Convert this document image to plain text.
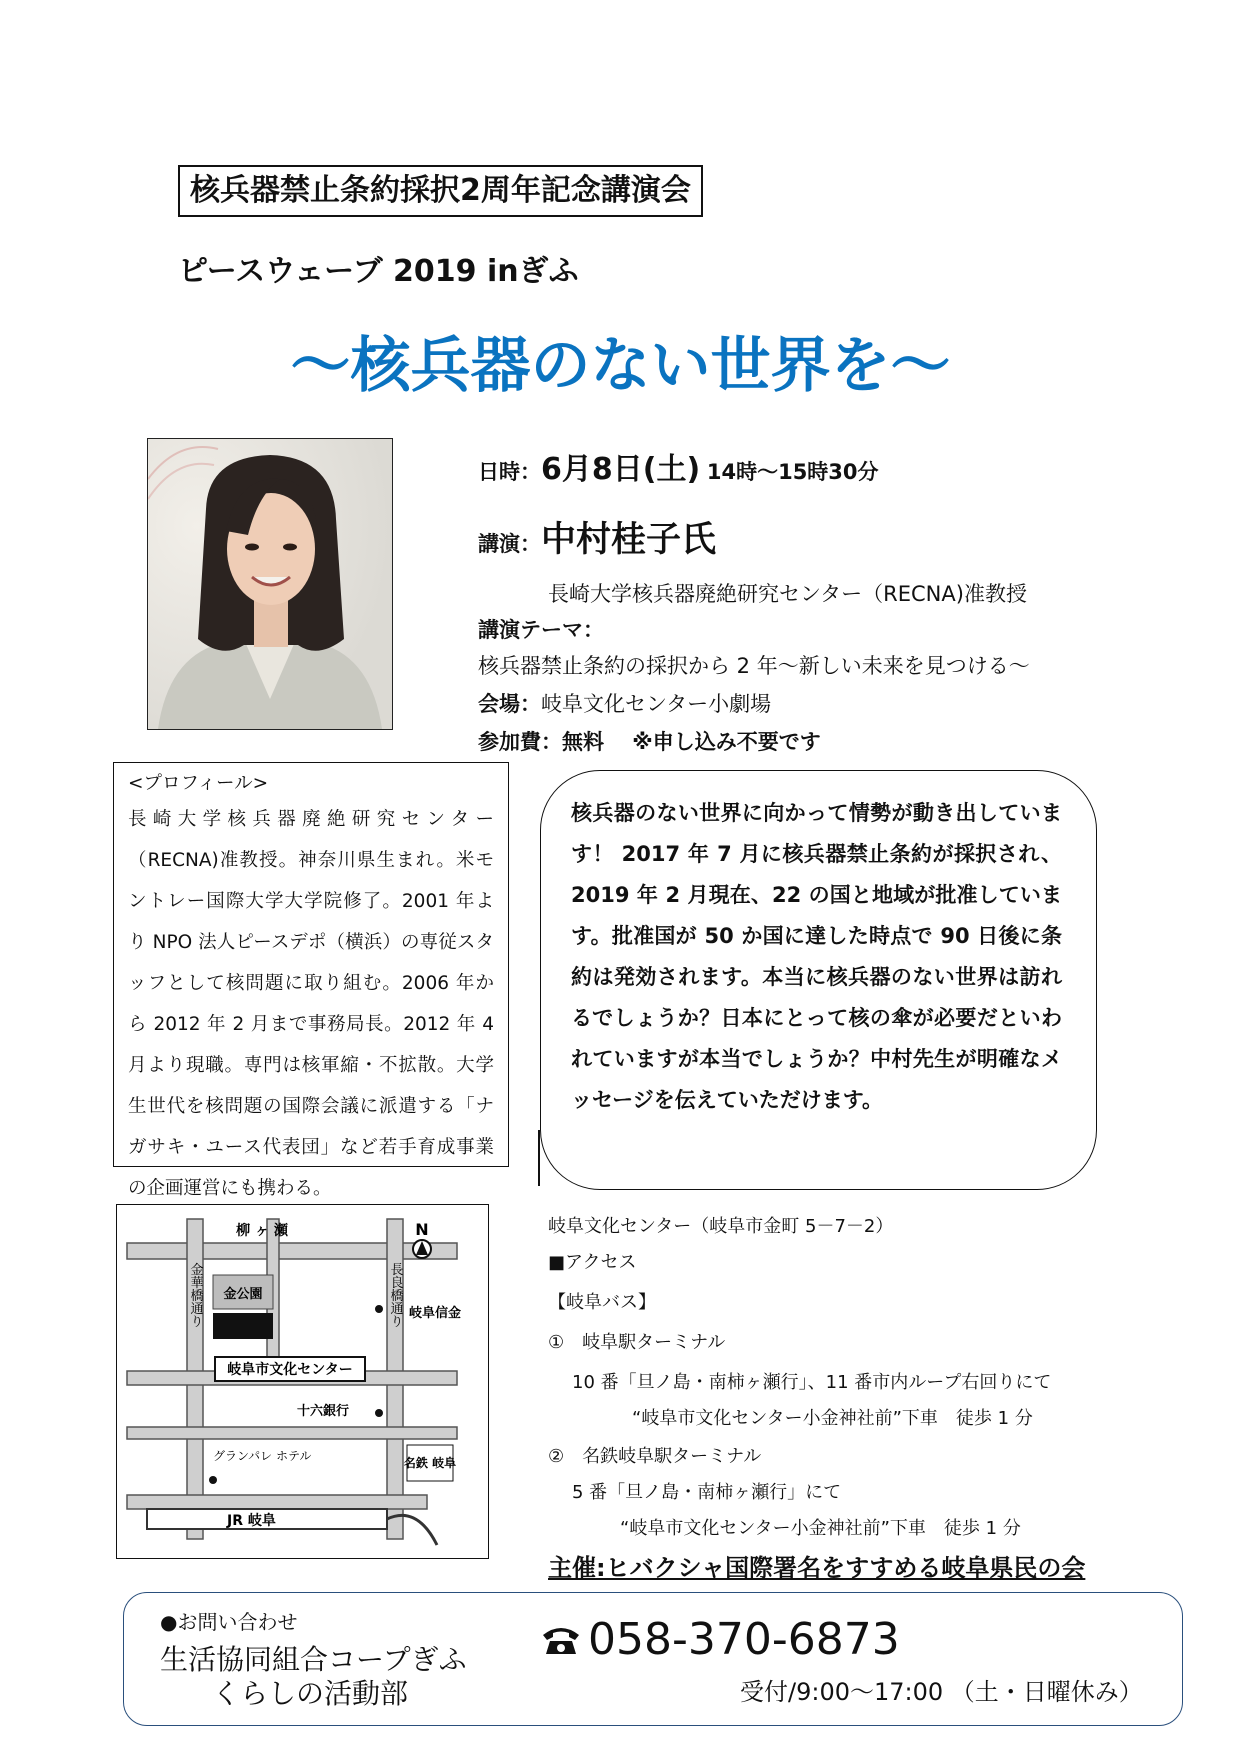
核兵器禁止条約採択2周年記念講演会
ピースウェーブ 2019 inぎふ
～核兵器のない世界を～
日時：6月8日(土) 14時～15時30分
講演：中村桂子氏
長崎大学核兵器廃絶研究センター（RECNA)准教授
講演テーマ：
核兵器禁止条約の採択から 2 年～新しい未来を見つける～
会場：岐阜文化センター小劇場
参加費：無料　 ※申し込み不要です
<プロフィール>
長崎大学核兵器廃絶研究センター（RECNA)准教授。神奈川県生まれ。米モントレー国際大学大学院修了。2001 年より NPO 法人ピースデポ（横浜）の専従スタッフとして核問題に取り組む。2006 年から 2012 年 2 月まで事務局長。2012 年 4 月より現職。専門は核軍縮・不拡散。大学生世代を核問題の国際会議に派遣する「ナガサキ・ユース代表団」など若手育成事業の企画運営にも携わる。
核兵器のない世界に向かって情勢が動き出しています！ 2017 年 7 月に核兵器禁止条約が採択され、2019 年 2 月現在、22 の国と地域が批准しています。批准国が 50 か国に達した時点で 90 日後に条約は発効されます。本当に核兵器のない世界は訪れるでしょうか？日本にとって核の傘が必要だといわれていますが本当でしょうか？中村先生が明確なメッセージを伝えていただけます。
金公園
岐阜市文化センター
柳 ヶ 瀬
金華橋通り	長良橋通り 岐阜信金
十六銀行
グランパレ ホテル	名鉄 岐阜
JR 岐阜
N	岐阜文化センター（岐阜市金町 5－7－2）
■アクセス
【岐阜バス】
①　岐阜駅ターミナル
10 番「旦ノ島・南柿ヶ瀬行」、11 番市内ループ右回りにて
“岐阜市文化センター小金神社前”下車　徒歩 1 分
②　名鉄岐阜駅ターミナル
5 番「旦ノ島・南柿ヶ瀬行」にて
“岐阜市文化センター小金神社前”下車　徒歩 1 分
主催:ヒバクシャ国際署名をすすめる岐阜県民の会
●お問い合わせ
生活協同組合コープぎふ
くらしの活動部
058-370-6873
受付/9:00～17:00 （土・日曜休み）
